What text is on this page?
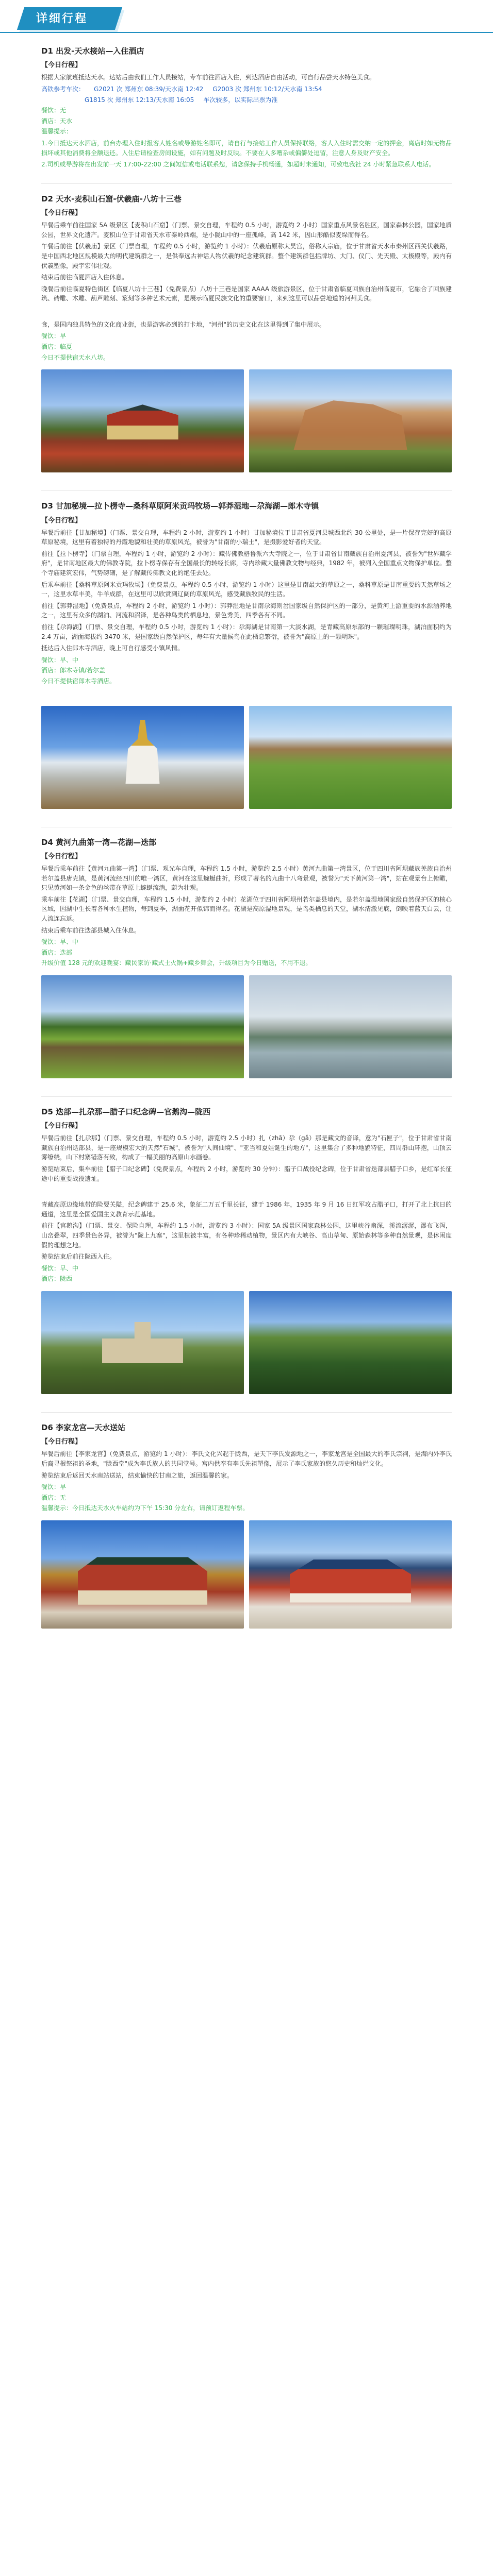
详细行程
D1 出发-天水接站—入住酒店
【今日行程】

根据大家航班抵达天水。达站后由我们工作人员接站，专车前往酒店入住，到达酒店自由活动，可自行品尝天水特色美食。

高铁参考车次： G2021 次 郑州东 08:39/天水南 12:42 G2003 次 郑州东 10:12/天水南 13:54
G1815 次 郑州东 12:13/天水南 16:05 车次较多，以实际出票为准
餐饮：无
酒店：天水
温馨提示：

1.今日抵达天水酒店，前台办理入住时报客人姓名或导游姓名即可，请自行与接站工作人员保持联络，客人入住时需交纳一定的押金，离店时如无物品损坏或其他消费将全额退还。入住后请检查房间设施，如有问题及时反映。不要在人多嘈杂或偏僻处逗留，注意人身及财产安全。

2.司机或导游将在出发前一天 17:00-22:00 之间短信或电话联系您，请您保持手机畅通，如超时未通知，可致电我社 24 小时紧急联系人电话。

D2 天水-麦积山石窟-伏羲庙-八坊十三巷
【今日行程】

早餐后乘车前往国家 5A 级景区【麦积山石窟】（门票、景交自理，车程约 0.5 小时，游览约 2 小时）国家重点风景名胜区，国家森林公园，国家地质公园，世界文化遗产。麦积山位于甘肃省天水市秦岭西端，是小陇山中的一座孤峰，高 142 米，因山形酷似麦垛而得名。

午餐后前往【伏羲庙】景区（门票自理，车程约 0.5 小时，游览约 1 小时）：伏羲庙原称太昊宫，俗称人宗庙，位于甘肃省天水市秦州区西关伏羲路，是中国西北地区规模最大的明代建筑群之一，是供奉远古神话人物伏羲的纪念建筑群。整个建筑群包括牌坊、大门、仪门、先天殿、太极殿等，殿内有伏羲塑像，殿宇宏伟壮观。

结束后前往临夏酒店入住休息。

晚餐后前往临夏特色街区【临夏八坊十三巷】（免费景点）八坊十三巷是国家 AAAA 级旅游景区，位于甘肃省临夏回族自治州临夏市，它融合了回族建筑、砖雕、木雕、葫芦雕刻、篆刻等多种艺术元素，是展示临夏民族文化的重要窗口，来到这里可以品尝地道的河州美食。

食，是国内独具特色的文化商业街，也是游客必到的打卡地，"河州"的历史文化在这里得到了集中展示。

餐饮：早
酒店：临夏
今日不提供宿天水八坊。
D3 甘加秘境—拉卜楞寺—桑科草原阿米贡玛牧场—郭莽湿地—尕海湖—郎木寺镇
【今日行程】

早餐后前往【甘加秘境】（门票、景交自理，车程约 2 小时，游览约 1 小时）甘加秘境位于甘肃省夏河县城西北约 30 公里处，是一片保存完好的高原草原秘境，这里有着独特的丹霞地貌和壮美的草原风光，被誉为"甘南的小瑞士"，是摄影爱好者的天堂。

前往【拉卜楞寺】（门票自理，车程约 1 小时，游览约 2 小时）：藏传佛教格鲁派六大寺院之一，位于甘肃省甘南藏族自治州夏河县，被誉为"世界藏学府"，是甘南地区最大的佛教寺院，拉卜楞寺保存有全国最长的转经长廊，寺内珍藏大量佛教文物与经典，1982 年，被列入全国重点文物保护单位。整个寺庙建筑宏伟，气势磅礴，是了解藏传佛教文化的绝佳去处。

后乘车前往【桑科草原阿米贡玛牧场】（免费景点，车程约 0.5 小时，游览约 1 小时）这里是甘南最大的草原之一，桑科草原是甘南重要的天然草场之一，这里水草丰美，牛羊成群，在这里可以欣赏到辽阔的草原风光，感受藏族牧民的生活。

前往【郭莽湿地】（免费景点，车程约 2 小时，游览约 1 小时）：郭莽湿地是甘南尕海则岔国家级自然保护区的一部分，是黄河上游重要的水源涵养地之一，这里有众多的湖泊、河流和沼泽，是各种鸟类的栖息地，景色秀美，四季各有不同。

前往【尕海湖】（门票、景交自理，车程约 0.5 小时，游览约 1 小时）：尕海湖是甘南第一大淡水湖，是青藏高原东部的一颗璀璨明珠，湖泊面积约为 2.4 万亩，湖面海拔约 3470 米，是国家级自然保护区，每年有大量候鸟在此栖息繁衍，被誉为"高原上的一颗明珠"。

抵达后入住郎木寺酒店，晚上可自行感受小镇风情。

餐饮：早、中
酒店：郎木寺镇/若尔盖
今日不提供宿郎木寺酒店。
D4 黄河九曲第一湾—花湖—迭部
【今日行程】

早餐后乘车前往【黄河九曲第一湾】（门票、观光车自理，车程约 1.5 小时，游览约 2.5 小时）黄河九曲第一湾景区，位于四川省阿坝藏族羌族自治州若尔盖县唐克镇，是黄河流经四川的唯一湾区，黄河在这里蜿蜒曲折，形成了著名的九曲十八弯景观，被誉为"天下黄河第一湾"，站在观景台上俯瞰，只见黄河如一条金色的丝带在草原上蜿蜒流淌，蔚为壮观。

乘车前往【花湖】（门票、景交自理，车程约 1.5 小时，游览约 2 小时）花湖位于四川省阿坝州若尔盖县境内，是若尔盖湿地国家级自然保护区的核心区域，因湖中生长着各种水生植物，每到夏季，湖面花开似锦而得名。花湖是高原湿地景观，是鸟类栖息的天堂，湖水清澈见底，倒映着蓝天白云，让人流连忘返。

结束后乘车前往迭部县城入住休息。

餐饮：早、中
酒店：迭部
升级价值 128 元的欢迎晚宴：藏民家访·藏式土火锅+藏乡舞会，升级项目为今日赠送，不用不退。
D5 迭部—扎尕那—腊子口纪念碑—官鹅沟—陇西
【今日行程】

早餐后前往【扎尕那】（门票、景交自理，车程约 0.5 小时，游览约 2.5 小时）扎（zhā）尕（gǎ）那是藏文的音译，意为"石匣子"，位于甘肃省甘南藏族自治州迭部县，是一座规模宏大的天然"石城"，被誉为"人间仙境"、"亚当和夏娃诞生的地方"，这里集合了多种地貌特征，四周群山环抱，山顶云雾缭绕，山下村寨错落有致，构成了一幅美丽的高原山水画卷。

游览结束后，集车前往【腊子口纪念碑】（免费景点，车程约 2 小时，游览约 30 分钟）：腊子口战役纪念碑，位于甘肃省迭部县腊子口乡，是红军长征途中的重要战役遗址。

青藏高原边缘地带的险要关隘，纪念碑建于 25.6 米，象征二万五千里长征，建于 1986 年，1935 年 9 月 16 日红军攻占腊子口，打开了北上抗日的通道，这里是全国爱国主义教育示范基地。

前往【官鹅沟】（门票、景交、保险自理，车程约 1.5 小时，游览约 3 小时）：国家 5A 级景区国家森林公园，这里峡谷幽深，溪流潺潺，瀑布飞泻，山峦叠翠，四季景色各异，被誉为"陇上九寨"，这里植被丰富，有各种珍稀动植物，景区内有大峡谷、高山草甸、原始森林等多种自然景观，是休闲度假的理想之地。

游览结束后前往陇西入住。

餐饮：早、中
酒店：陇西
D6 李家龙宫—天水送站
【今日行程】

早餐后前往【李家龙宫】（免费景点，游览约 1 小时）：李氏文化兴起于陇西，是天下李氏发源地之一，李家龙宫是全国最大的李氏宗祠，是海内外李氏后裔寻根祭祖的圣地，"陇西堂"成为李氏族人的共同堂号。宫内供奉有李氏先祖塑像，展示了李氏家族的悠久历史和灿烂文化。

游览结束后返回天水南站送站，结束愉快的甘南之旅，返回温馨的家。

餐饮：早
酒店：无
温馨提示：今日抵达天水火车站约为下午 15:30 分左右，请预订返程车票。
